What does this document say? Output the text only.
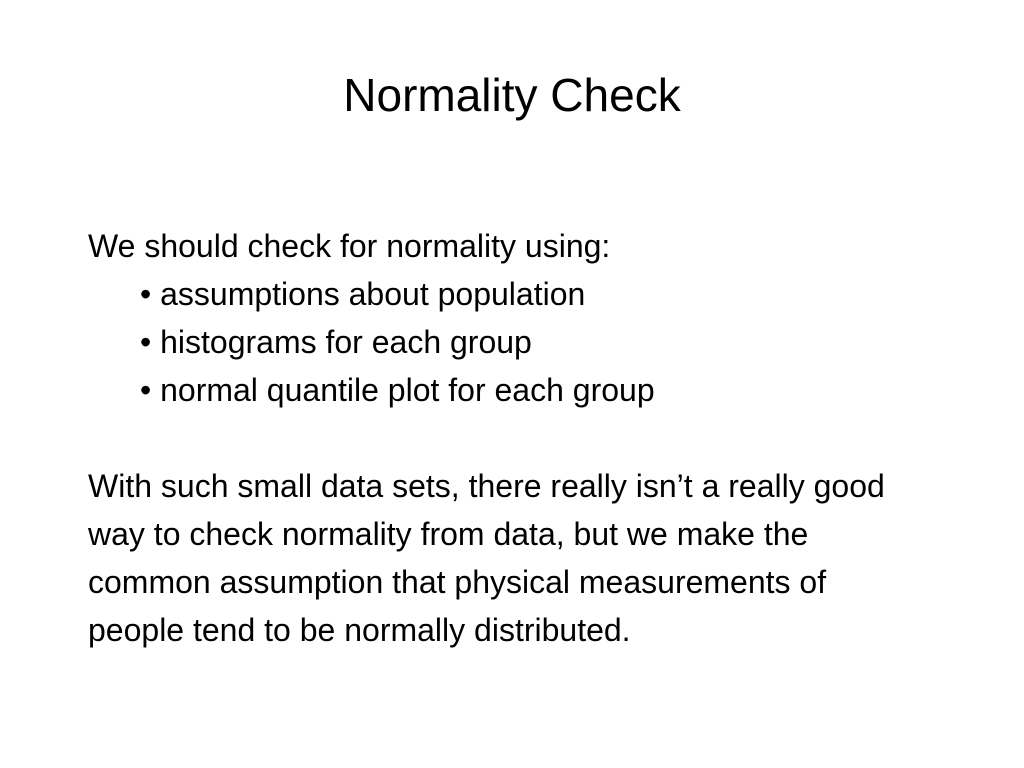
Normality Check

We should check for normality using:

• assumptions about population
• histograms for each group
• normal quantile plot for each group

With such small data sets, there really isn’t a really good way to check normality from data, but we make the common assumption that physical measurements of people tend to be normally distributed.
